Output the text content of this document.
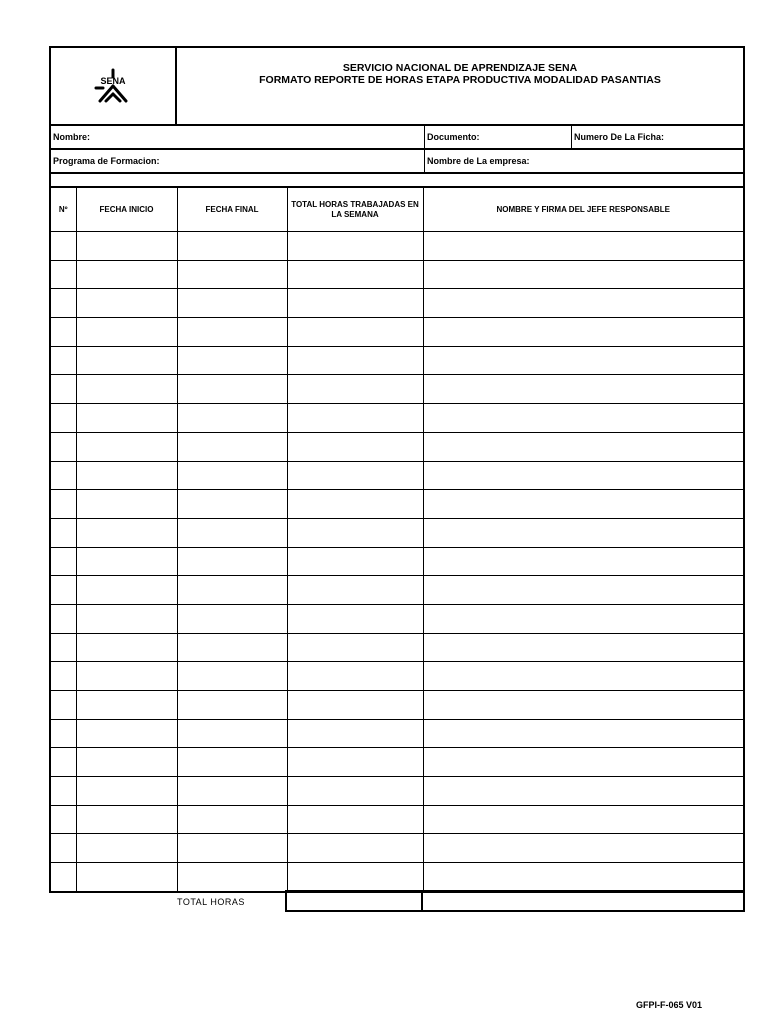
SENA
SERVICIO NACIONAL DE APRENDIZAJE SENA
FORMATO REPORTE DE HORAS ETAPA PRODUCTIVA MODALIDAD PASANTIAS
Nombre:	Documento:	Numero De La Ficha:
Programa de Formacion:	Nombre de La empresa:
Nº	FECHA INICIO	FECHA FINAL	TOTAL HORAS TRABAJADAS EN LA SEMANA	NOMBRE Y FIRMA DEL JEFE RESPONSABLE

TOTAL HORAS
GFPI-F-065 V01
